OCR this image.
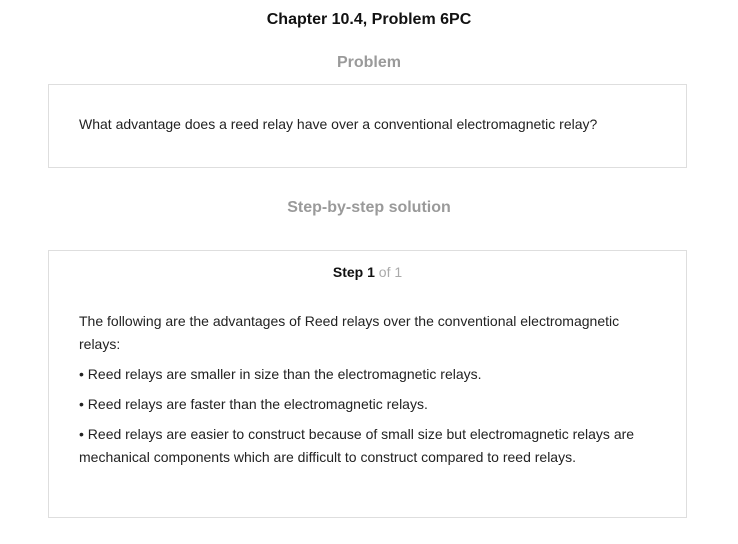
Chapter 10.4, Problem 6PC
Problem
What advantage does a reed relay have over a conventional electromagnetic relay?
Step-by-step solution
Step 1 of 1

The following are the advantages of Reed relays over the conventional electromagnetic relays:

• Reed relays are smaller in size than the electromagnetic relays.

• Reed relays are faster than the electromagnetic relays.

• Reed relays are easier to construct because of small size but electromagnetic relays are mechanical components which are difficult to construct compared to reed relays.
